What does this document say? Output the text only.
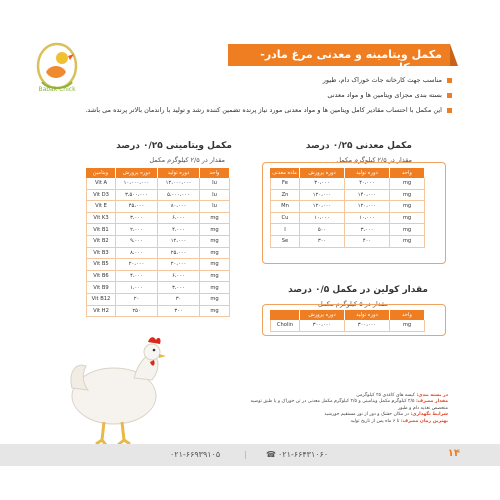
Babak Chick
مکمل ویتامینه و معدنی مرغ مادر- سویه کاب
مناسب جهت کارخانه جات خوراک دام، طیور
بسته بندی مجزای ویتامین ها و مواد معدنی
این مکمل با احتساب مقادیر کامل ویتامین ها و مواد معدنی مورد نیاز پرنده تضمین کننده رشد و تولید با راندمان بالاتر پرنده می باشد.
مکمل ویتامینی ۰/۲۵ درصد
مقدار در ۲/۵ کیلوگرم مکمل
ویتامین	دوره پرورش	دوره تولید	واحد
Vit A	۱۰،۰۰۰،۰۰۰	۱۲،۰۰۰،۰۰۰	Iu
Vit D3	۳،۵۰۰،۰۰۰	۵،۰۰۰،۰۰۰	Iu
Vit E	۴۵،۰۰۰	۸۰،۰۰۰	Iu
Vit K3	۳،۰۰۰	۶،۰۰۰	mg
Vit B1	۲،۰۰۰	۴،۰۰۰	mg
Vit B2	۹،۰۰۰	۱۲،۰۰۰	mg
Vit B3	۸،۰۰۰	۲۵،۰۰۰	mg
Vit B5	۲۰،۰۰۰	۲۰،۰۰۰	mg
Vit B6	۴،۰۰۰	۶،۰۰۰	mg
Vit B9	۱،۰۰۰	۳،۰۰۰	mg
Vit B12	۲۰	۳۰	mg
Vit H2	۲۵۰	۳۰۰	mg
مکمل معدنی ۰/۲۵ درصد
مقدار در ۲/۵ کیلوگرم مکمل
ماده معدنی	دوره پرورش	دوره تولید	واحد
Fe	۳۰،۰۰۰	۴۰،۰۰۰	mg
Zn	۱۲۰،۰۰۰	۱۴۰،۰۰۰	mg
Mn	۱۲۰،۰۰۰	۱۲۰،۰۰۰	mg
Cu	۱۰،۰۰۰	۱۰،۰۰۰	mg
I	۵۰۰	۳،۰۰۰	mg
Se	۳۰۰	۴۰۰	mg
مقدار کولین در مکمل ۰/۵ درصد
مقدار در ۵ کیلوگرم مکمل
	دوره پرورش	دوره تولید	واحد
Cholin	۳۰۰،۰۰۰	۳۰۰،۰۰۰	mg
در بسته بندی: کیسه های کاغذی ۲۵ کیلوگرمی
مقدار مصرف: ۲/۵ کیلوگرم مکمل ویتامینی و ۲/۵ کیلوگرم مکمل معدنی در تن خوراک و یا طبق توصیه متخصص تغذیه دام و طیور
شرایط نگهداری: در مکان خشک و دور از نور مستقیم خورشید
بهترین زمان مصرف: تا ۶ ماه پس از تاریخ تولید
☎ ۰۲۱-۶۶۴۳۱۰۶۰
|
۰۲۱-۶۶۹۳۹۱۰۵	۱۴
